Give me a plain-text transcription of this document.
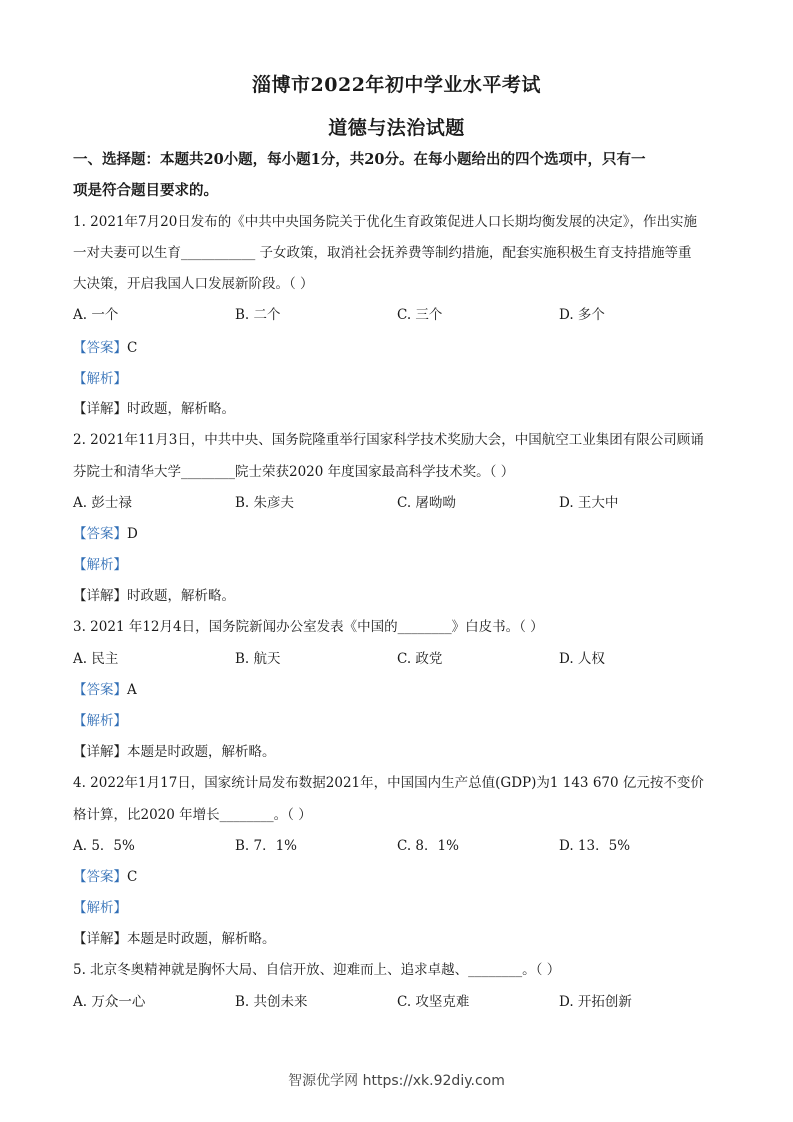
淄博市2022年初中学业水平考试
道德与法治试题
一、选择题：本题共20小题，每小题1分，共20分。在每小题给出的四个选项中，只有一
项是符合题目要求的。
1. 2021年7月20日发布的《中共中央国务院关于优化生育政策促进人口长期均衡发展的决定》，作出实施
一对夫妻可以生育___________ 子女政策，取消社会抚养费等制约措施，配套实施积极生育支持措施等重
大决策，开启我国人口发展新阶段。（ ）
A. 一个	B. 二个	C. 三个	D. 多个
【答案】C
【解析】
【详解】时政题，解析略。
2. 2021年11月3日，中共中央、国务院隆重举行国家科学技术奖励大会，中国航空工业集团有限公司顾诵
芬院士和清华大学________院士荣获2020 年度国家最高科学技术奖。（ ）
A. 彭士禄	B. 朱彦夫	C. 屠呦呦	D. 王大中
【答案】D
【解析】
【详解】时政题，解析略。
3. 2021 年12月4日，国务院新闻办公室发表《中国的________》白皮书。（ ）
A. 民主	B. 航天	C. 政党	D. 人权
【答案】A
【解析】
【详解】本题是时政题，解析略。
4. 2022年1月17日，国家统计局发布数据2021年，中国国内生产总值(GDP)为1 143 670 亿元按不变价
格计算，比2020 年增长________。（ ）
A. 5．5%	B. 7．1%	C. 8．1%	D. 13．5%
【答案】C
【解析】
【详解】本题是时政题，解析略。
5. 北京冬奥精神就是胸怀大局、自信开放、迎难而上、追求卓越、________。（ ）
A. 万众一心	B. 共创未来	C. 攻坚克难	D. 开拓创新
智源优学网 https://xk.92diy.com
